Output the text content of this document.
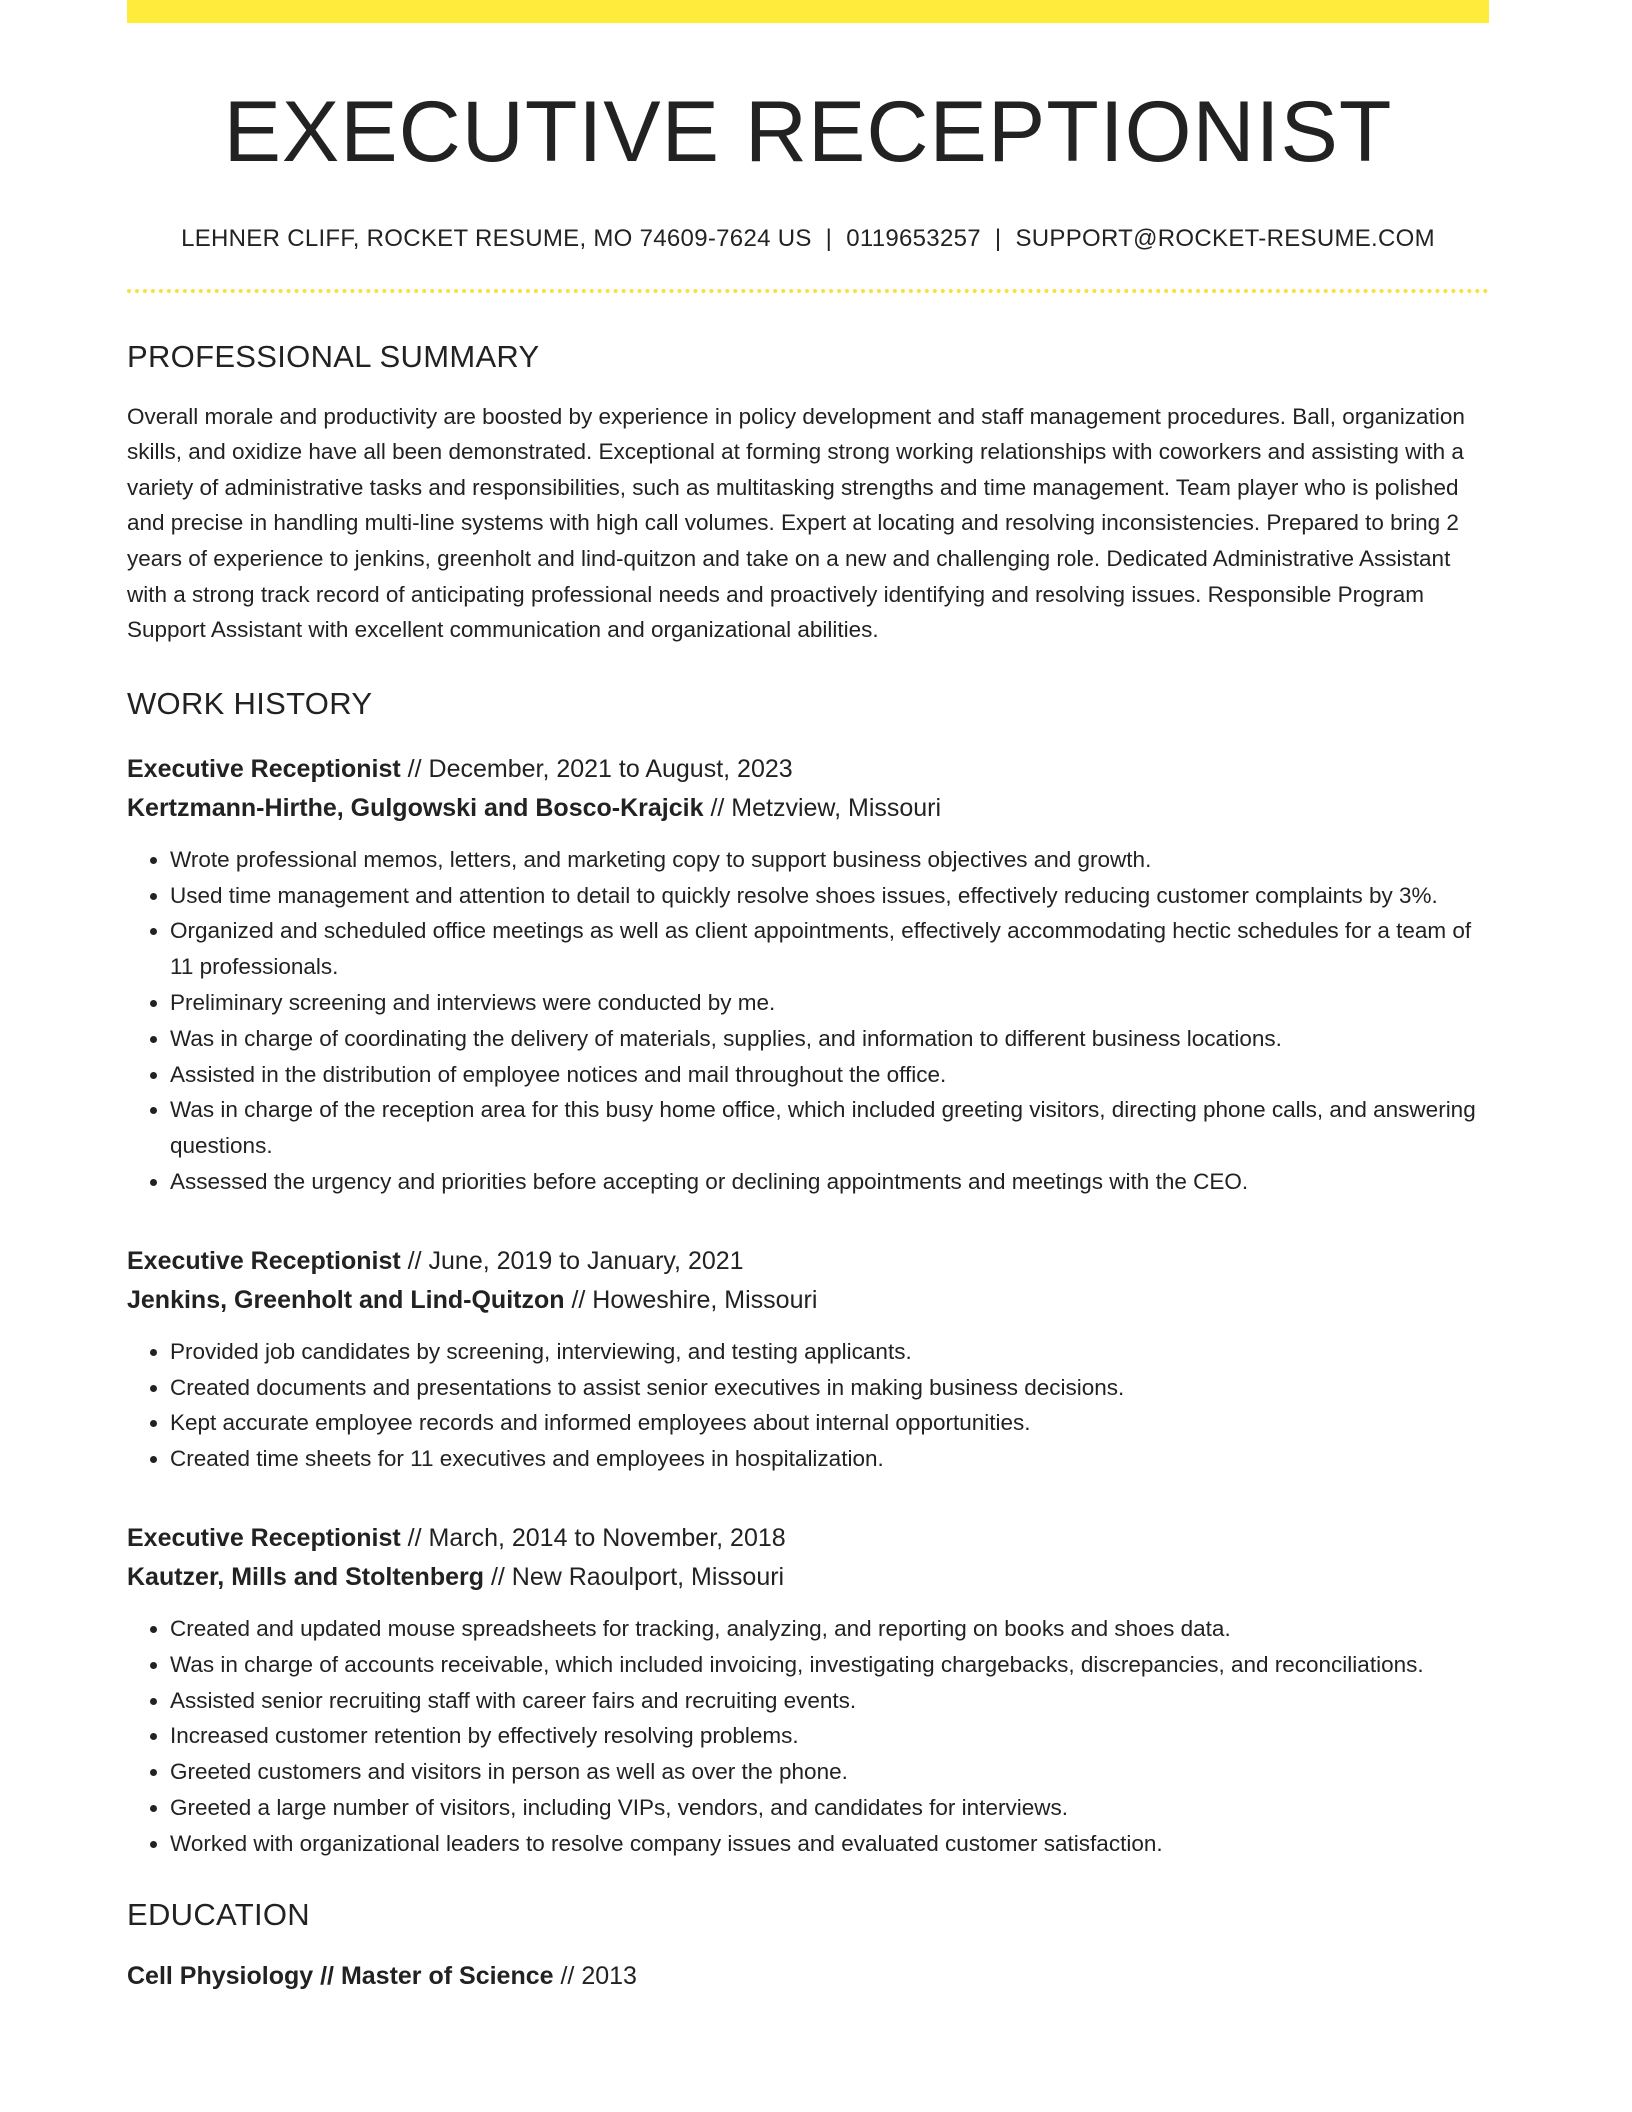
EXECUTIVE RECEPTIONIST
LEHNER CLIFF, ROCKET RESUME, MO 74609-7624 US | 0119653257 | SUPPORT@ROCKET-RESUME.COM
PROFESSIONAL SUMMARY

Overall morale and productivity are boosted by experience in policy development and staff management procedures. Ball, organization skills, and oxidize have all been demonstrated. Exceptional at forming strong working relationships with coworkers and assisting with a variety of administrative tasks and responsibilities, such as multitasking strengths and time management. Team player who is polished and precise in handling multi-line systems with high call volumes. Expert at locating and resolving inconsistencies. Prepared to bring 2 years of experience to jenkins, greenholt and lind-quitzon and take on a new and challenging role. Dedicated Administrative Assistant with a strong track record of anticipating professional needs and proactively identifying and resolving issues. Responsible Program Support Assistant with excellent communication and organizational abilities.

WORK HISTORY
Executive Receptionist // December, 2021 to August, 2023
Kertzmann-Hirthe, Gulgowski and Bosco-Krajcik // Metzview, Missouri
• Wrote professional memos, letters, and marketing copy to support business objectives and growth.
• Used time management and attention to detail to quickly resolve shoes issues, effectively reducing customer complaints by 3%.
• Organized and scheduled office meetings as well as client appointments, effectively accommodating hectic schedules for a team of 11 professionals.
• Preliminary screening and interviews were conducted by me.
• Was in charge of coordinating the delivery of materials, supplies, and information to different business locations.
• Assisted in the distribution of employee notices and mail throughout the office.
• Was in charge of the reception area for this busy home office, which included greeting visitors, directing phone calls, and answering questions.
• Assessed the urgency and priorities before accepting or declining appointments and meetings with the CEO.
Executive Receptionist // June, 2019 to January, 2021
Jenkins, Greenholt and Lind-Quitzon // Howeshire, Missouri
• Provided job candidates by screening, interviewing, and testing applicants.
• Created documents and presentations to assist senior executives in making business decisions.
• Kept accurate employee records and informed employees about internal opportunities.
• Created time sheets for 11 executives and employees in hospitalization.
Executive Receptionist // March, 2014 to November, 2018
Kautzer, Mills and Stoltenberg // New Raoulport, Missouri
• Created and updated mouse spreadsheets for tracking, analyzing, and reporting on books and shoes data.
• Was in charge of accounts receivable, which included invoicing, investigating chargebacks, discrepancies, and reconciliations.
• Assisted senior recruiting staff with career fairs and recruiting events.
• Increased customer retention by effectively resolving problems.
• Greeted customers and visitors in person as well as over the phone.
• Greeted a large number of visitors, including VIPs, vendors, and candidates for interviews.
• Worked with organizational leaders to resolve company issues and evaluated customer satisfaction.
EDUCATION
Cell Physiology // Master of Science // 2013
